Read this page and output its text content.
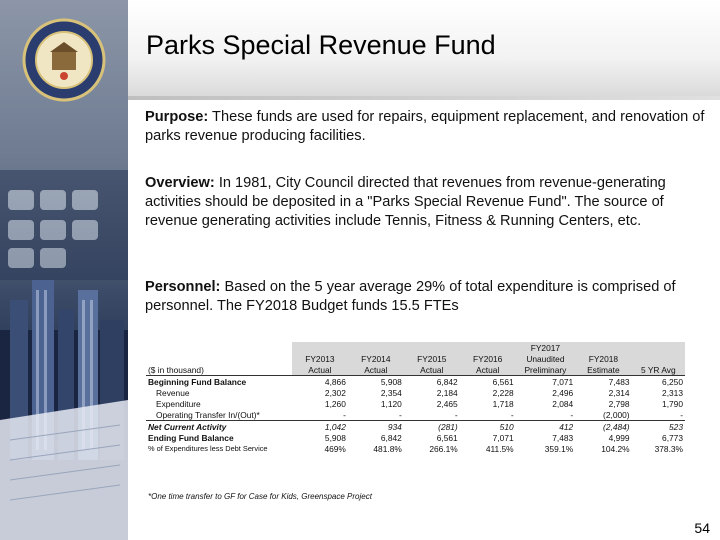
Parks Special Revenue Fund
Purpose: These funds are used for repairs, equipment replacement, and renovation of parks revenue producing facilities.
Overview: In 1981, City Council directed that revenues from revenue-generating activities should be deposited in a "Parks Special Revenue Fund". The source of revenue generating activities include Tennis, Fitness & Running Centers, etc.
Personnel: Based on the 5 year average 29% of total expenditure is comprised of personnel. The FY2018 Budget funds 15.5 FTEs
					FY2017		
	FY2013	FY2014	FY2015	FY2016	Unaudited	FY2018	
($ in thousand)	Actual	Actual	Actual	Actual	Preliminary	Estimate	5 YR Avg
Beginning Fund Balance	4,866	5,908	6,842	6,561	7,071	7,483	6,250
Revenue	2,302	2,354	2,184	2,228	2,496	2,314	2,313
Expenditure	1,260	1,120	2,465	1,718	2,084	2,798	1,790
Operating Transfer In/(Out)*	-	-	-	-	-	(2,000)	-
Net Current Activity	1,042	934	(281)	510	412	(2,484)	523
Ending Fund Balance	5,908	6,842	6,561	7,071	7,483	4,999	6,773
% of Expenditures less Debt Service	469%	481.8%	266.1%	411.5%	359.1%	104.2%	378.3%
*One time transfer to GF for Case for Kids, Greenspace Project
54
